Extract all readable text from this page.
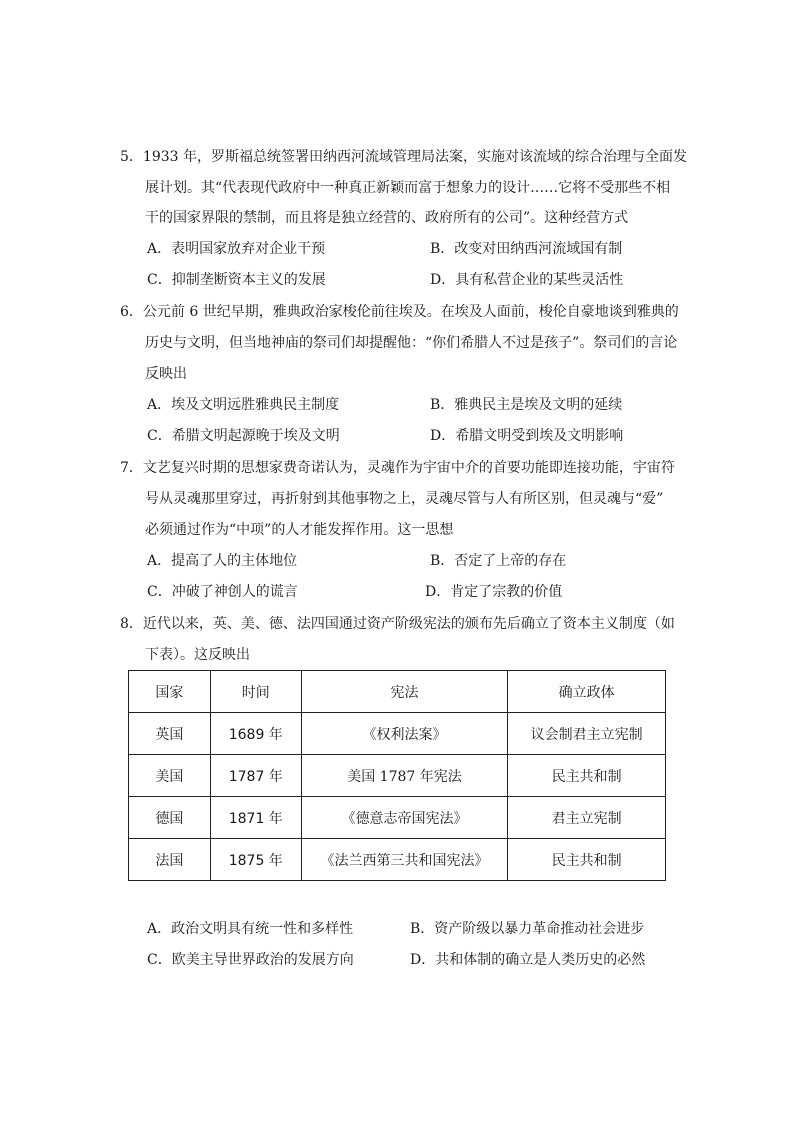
5．1933 年，罗斯福总统签署田纳西河流域管理局法案，实施对该流域的综合治理与全面发
展计划。其“代表现代政府中一种真正新颖而富于想象力的设计……它将不受那些不相
干的国家界限的禁制，而且将是独立经营的、政府所有的公司”。这种经营方式
A．表明国家放弃对企业干预	B．改变对田纳西河流域国有制
C．抑制垄断资本主义的发展	D．具有私营企业的某些灵活性
6．公元前 6 世纪早期，雅典政治家梭伦前往埃及。在埃及人面前，梭伦自豪地谈到雅典的
历史与文明，但当地神庙的祭司们却提醒他：“你们希腊人不过是孩子”。祭司们的言论
反映出
A．埃及文明远胜雅典民主制度	B．雅典民主是埃及文明的延续
C．希腊文明起源晚于埃及文明	D．希腊文明受到埃及文明影响
7．文艺复兴时期的思想家费奇诺认为，灵魂作为宇宙中介的首要功能即连接功能，宇宙符
号从灵魂那里穿过，再折射到其他事物之上，灵魂尽管与人有所区别，但灵魂与“爱”
必须通过作为“中项”的人才能发挥作用。这一思想
A．提高了人的主体地位	B．否定了上帝的存在
C．冲破了神创人的谎言	D．肯定了宗教的价值
8．近代以来，英、美、德、法四国通过资产阶级宪法的颁布先后确立了资本主义制度（如
下表）。这反映出
国家	时间	宪法	确立政体
英国	1689 年	《权利法案》	议会制君主立宪制
美国	1787 年	美国 1787 年宪法	民主共和制
德国	1871 年	《德意志帝国宪法》	君主立宪制
法国	1875 年	《法兰西第三共和国宪法》	民主共和制
A．政治文明具有统一性和多样性	B．资产阶级以暴力革命推动社会进步
C．欧美主导世界政治的发展方向	D．共和体制的确立是人类历史的必然
